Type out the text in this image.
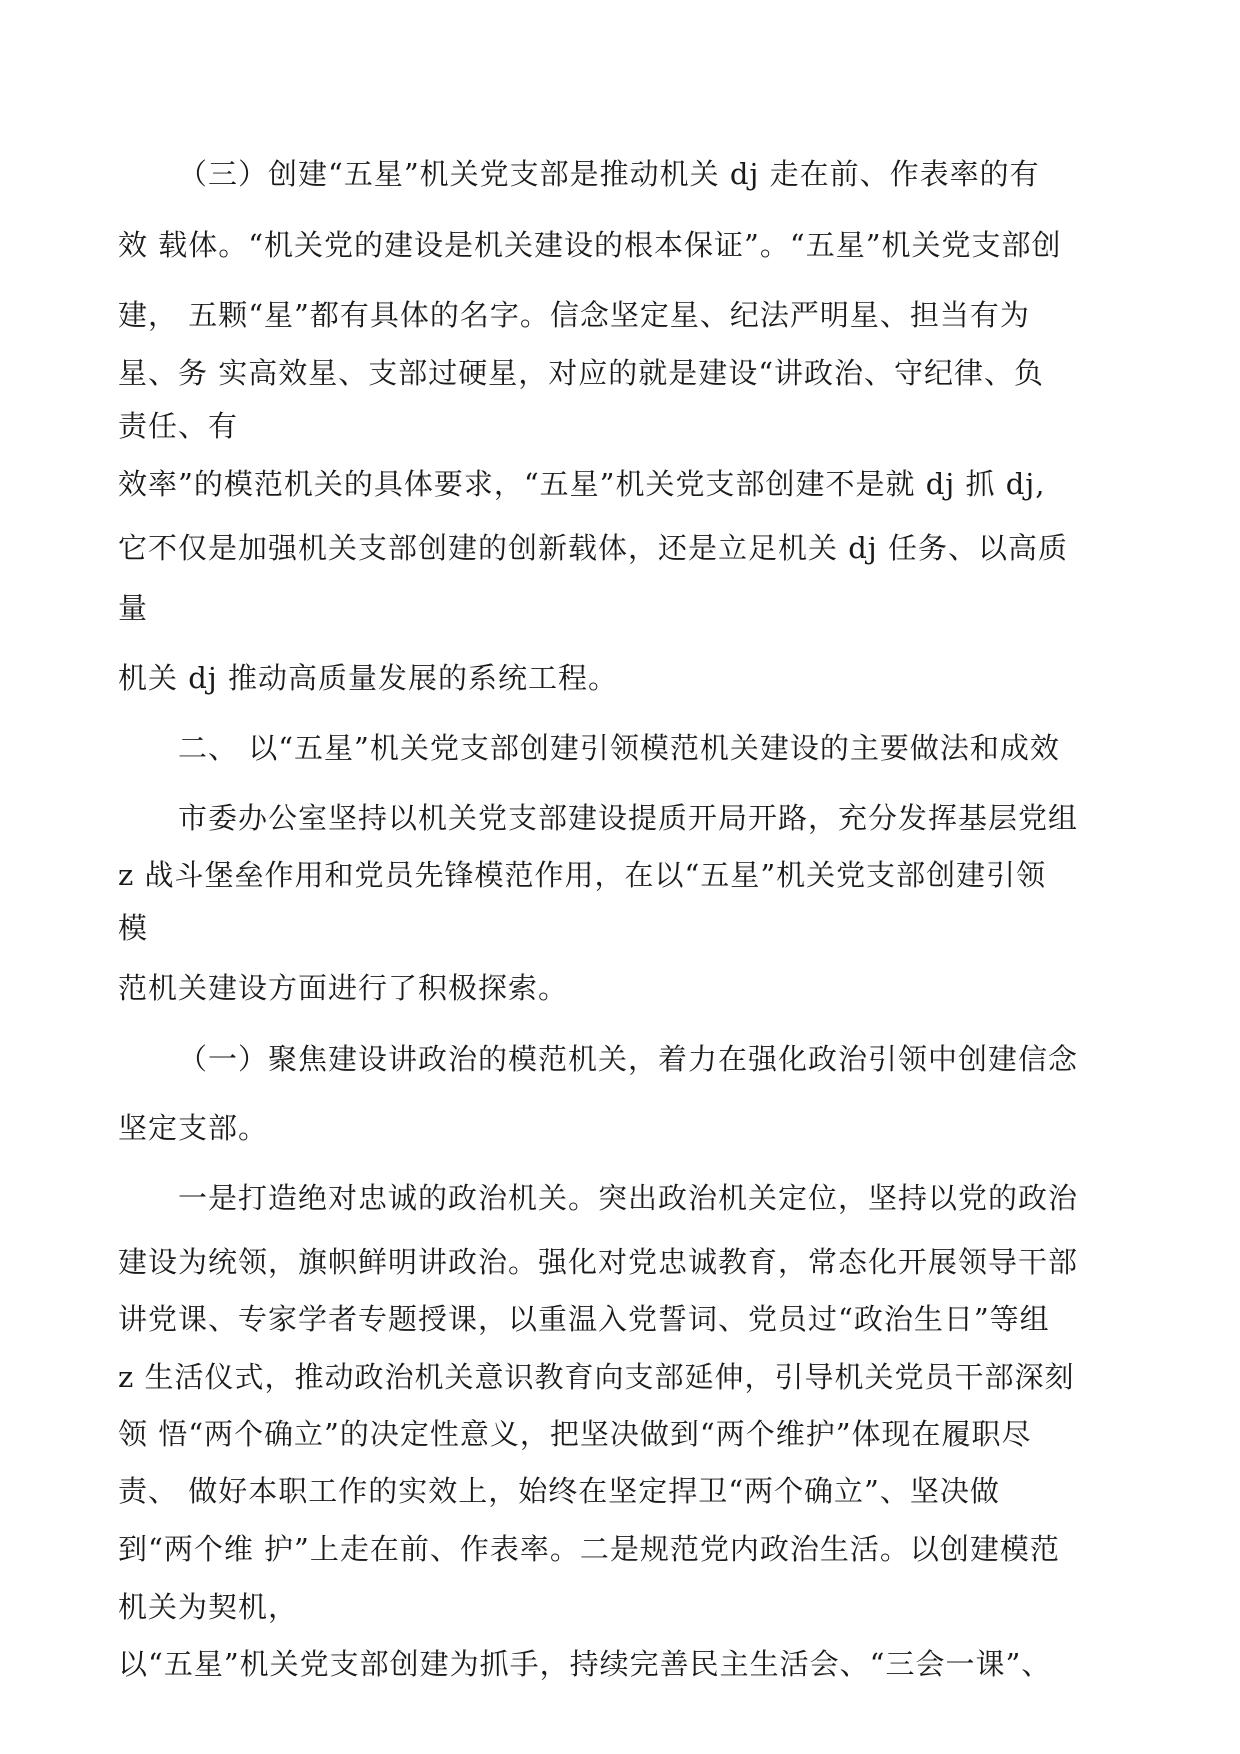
（三）创建“五星”机关党支部是推动机关 dj 走在前、作表率的有
效 载体。“机关党的建设是机关建设的根本保证”。“五星”机关党支部创
建， 五颗“星”都有具体的名字。信念坚定星、纪法严明星、担当有为
星、务 实高效星、支部过硬星，对应的就是建设“讲政治、守纪律、负
责任、有
效率”的模范机关的具体要求，“五星”机关党支部创建不是就 dj 抓 dj,
它不仅是加强机关支部创建的创新载体，还是立足机关 dj 任务、以高质
量
机关 dj 推动高质量发展的系统工程。
二、 以“五星”机关党支部创建引领模范机关建设的主要做法和成效
市委办公室坚持以机关党支部建设提质开局开路，充分发挥基层党组
z 战斗堡垒作用和党员先锋模范作用，在以“五星”机关党支部创建引领
模
范机关建设方面进行了积极探索。
（一）聚焦建设讲政治的模范机关，着力在强化政治引领中创建信念
坚定支部。
一是打造绝对忠诚的政治机关。突出政治机关定位，坚持以党的政治
建设为统领，旗帜鲜明讲政治。强化对党忠诚教育，常态化开展领导干部
讲党课、专家学者专题授课，以重温入党誓词、党员过“政治生日”等组
z 生活仪式，推动政治机关意识教育向支部延伸，引导机关党员干部深刻
领 悟“两个确立”的决定性意义，把坚决做到“两个维护”体现在履职尽
责、 做好本职工作的实效上，始终在坚定捍卫“两个确立”、坚决做
到“两个维 护”上走在前、作表率。二是规范党内政治生活。以创建模范
机关为契机，
以“五星”机关党支部创建为抓手，持续完善民主生活会、“三会一课”、
